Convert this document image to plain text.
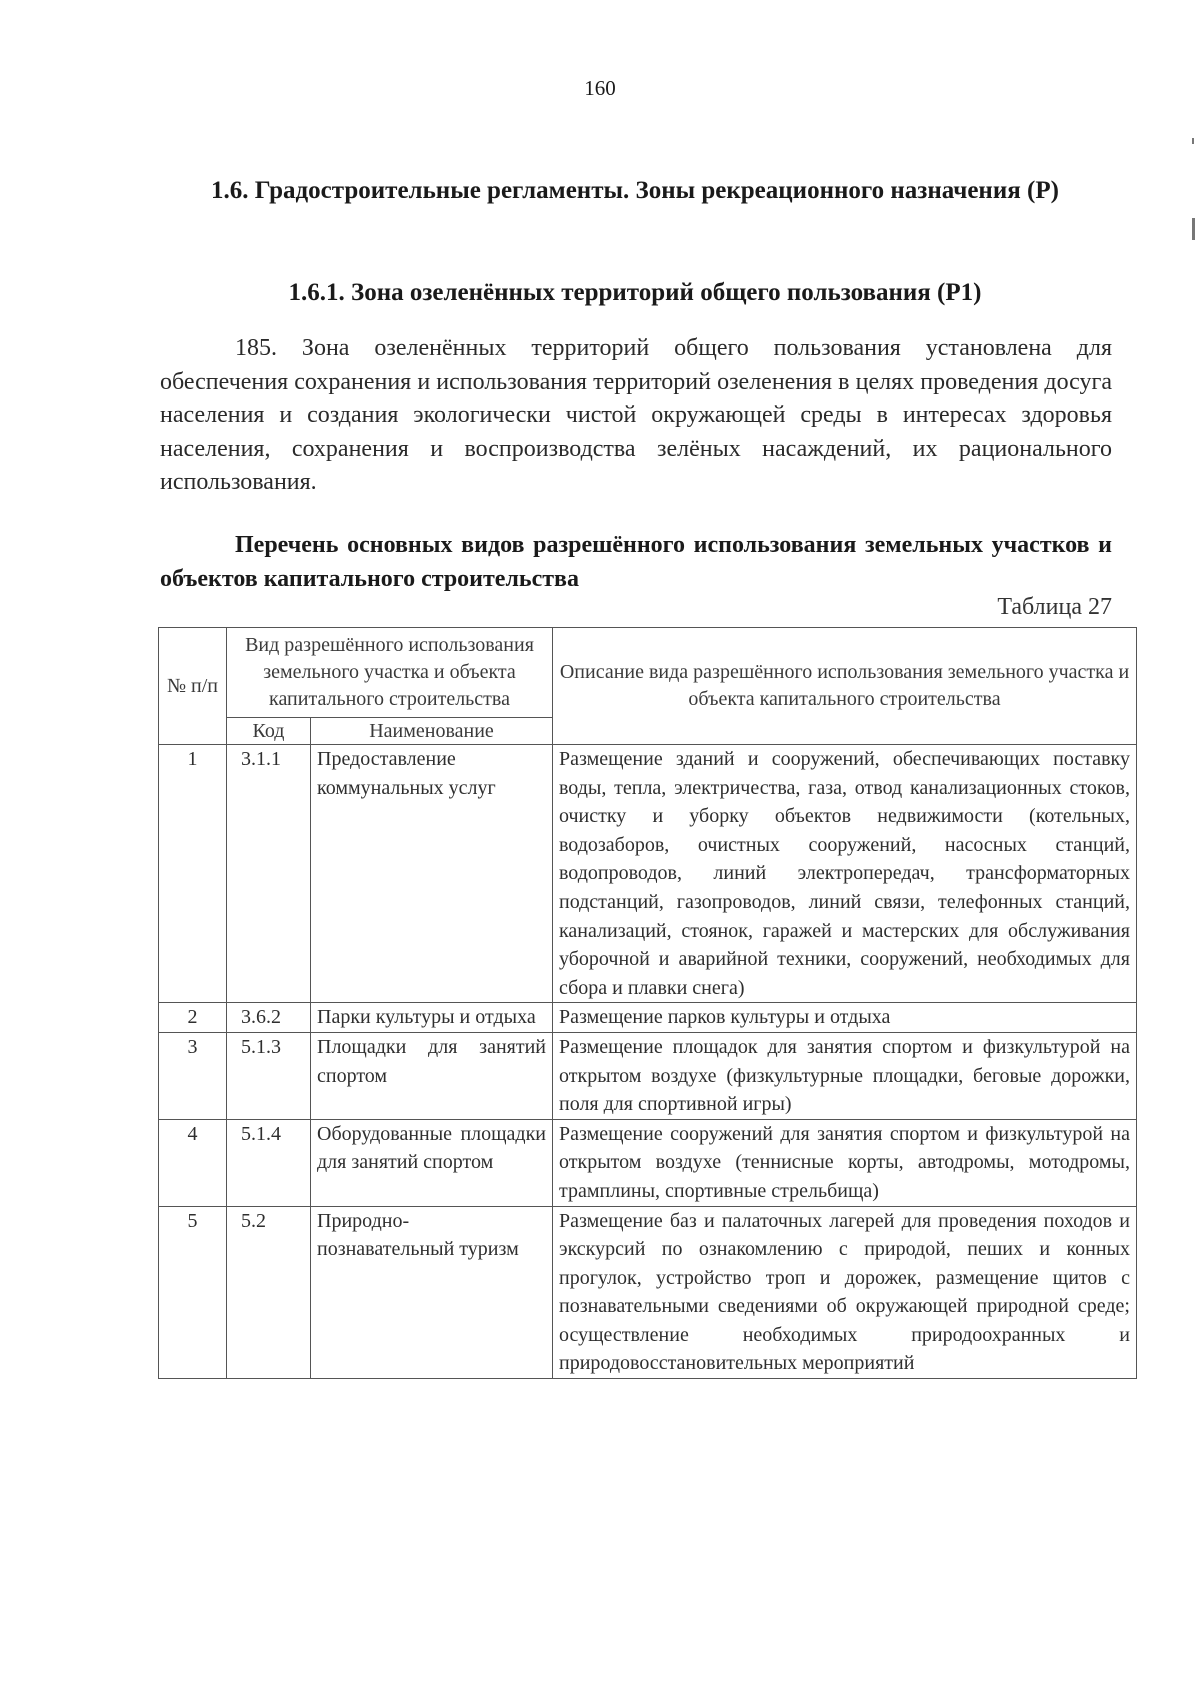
160
1.6. Градостроительные регламенты. Зоны рекреационного назначения (Р)
1.6.1. Зона озеленённых территорий общего пользования (Р1)
185. Зона озеленённых территорий общего пользования установлена для обеспечения сохранения и использования территорий озеленения в целях проведения досуга населения и создания экологически чистой окружающей среды в интересах здоровья населения, сохранения и воспроизводства зелёных насаждений, их рационального использования.
Перечень основных видов разрешённого использования земельных участков и объектов капитального строительства
Таблица 27
№ п/п	Вид разрешённого использования земельного участка и объекта капитального строительства		Описание вида разрешённого использования земельного участка и объекта капитального строительства
	Код	Наименование	
1	3.1.1	Предоставление коммунальных услуг	Размещение зданий и сооружений, обеспечивающих поставку воды, тепла, электричества, газа, отвод канализационных стоков, очистку и уборку объектов недвижимости (котельных, водозаборов, очистных сооружений, насосных станций, водопроводов, линий электропередач, трансформаторных подстанций, газопроводов, линий связи, телефонных станций, канализаций, стоянок, гаражей и мастерских для обслуживания уборочной и аварийной техники, сооружений, необходимых для сбора и плавки снега)
2	3.6.2	Парки культуры и отдыха	Размещение парков культуры и отдыха
3	5.1.3	Площадки для занятий спортом	Размещение площадок для занятия спортом и физкультурой на открытом воздухе (физкультурные площадки, беговые дорожки, поля для спортивной игры)
4	5.1.4	Оборудованные площадки для занятий спортом	Размещение сооружений для занятия спортом и физкультурой на открытом воздухе (теннисные корты, автодромы, мотодромы, трамплины, спортивные стрельбища)
5	5.2	Природно-познавательный туризм	Размещение баз и палаточных лагерей для проведения походов и экскурсий по ознакомлению с природой, пеших и конных прогулок, устройство троп и дорожек, размещение щитов с познавательными сведениями об окружающей природной среде; осуществление необходимых природоохранных и природовосстановительных мероприятий
